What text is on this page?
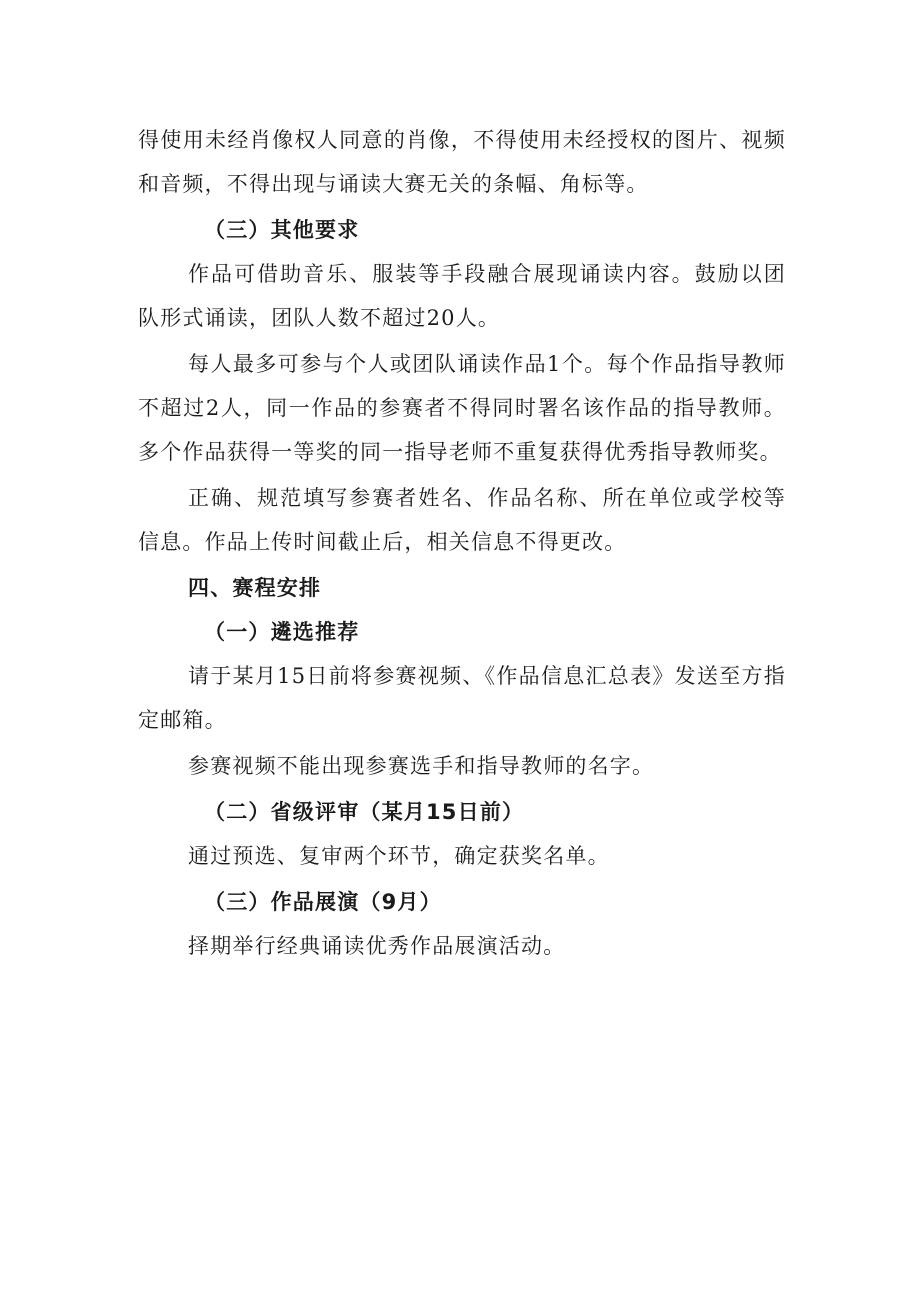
得使用未经肖像权人同意的肖像，不得使用未经授权的图片、视频和音频，不得出现与诵读大赛无关的条幅、角标等。

（三）其他要求

作品可借助音乐、服装等手段融合展现诵读内容。鼓励以团队形式诵读，团队人数不超过20人。

每人最多可参与个人或团队诵读作品1个。每个作品指导教师不超过2人，同一作品的参赛者不得同时署名该作品的指导教师。多个作品获得一等奖的同一指导老师不重复获得优秀指导教师奖。

正确、规范填写参赛者姓名、作品名称、所在单位或学校等信息。作品上传时间截止后，相关信息不得更改。

四、赛程安排

（一）遴选推荐

请于某月15日前将参赛视频、《作品信息汇总表》发送至方指定邮箱。

参赛视频不能出现参赛选手和指导教师的名字。

（二）省级评审（某月15日前）

通过预选、复审两个环节，确定获奖名单。

（三）作品展演（9月）

择期举行经典诵读优秀作品展演活动。
